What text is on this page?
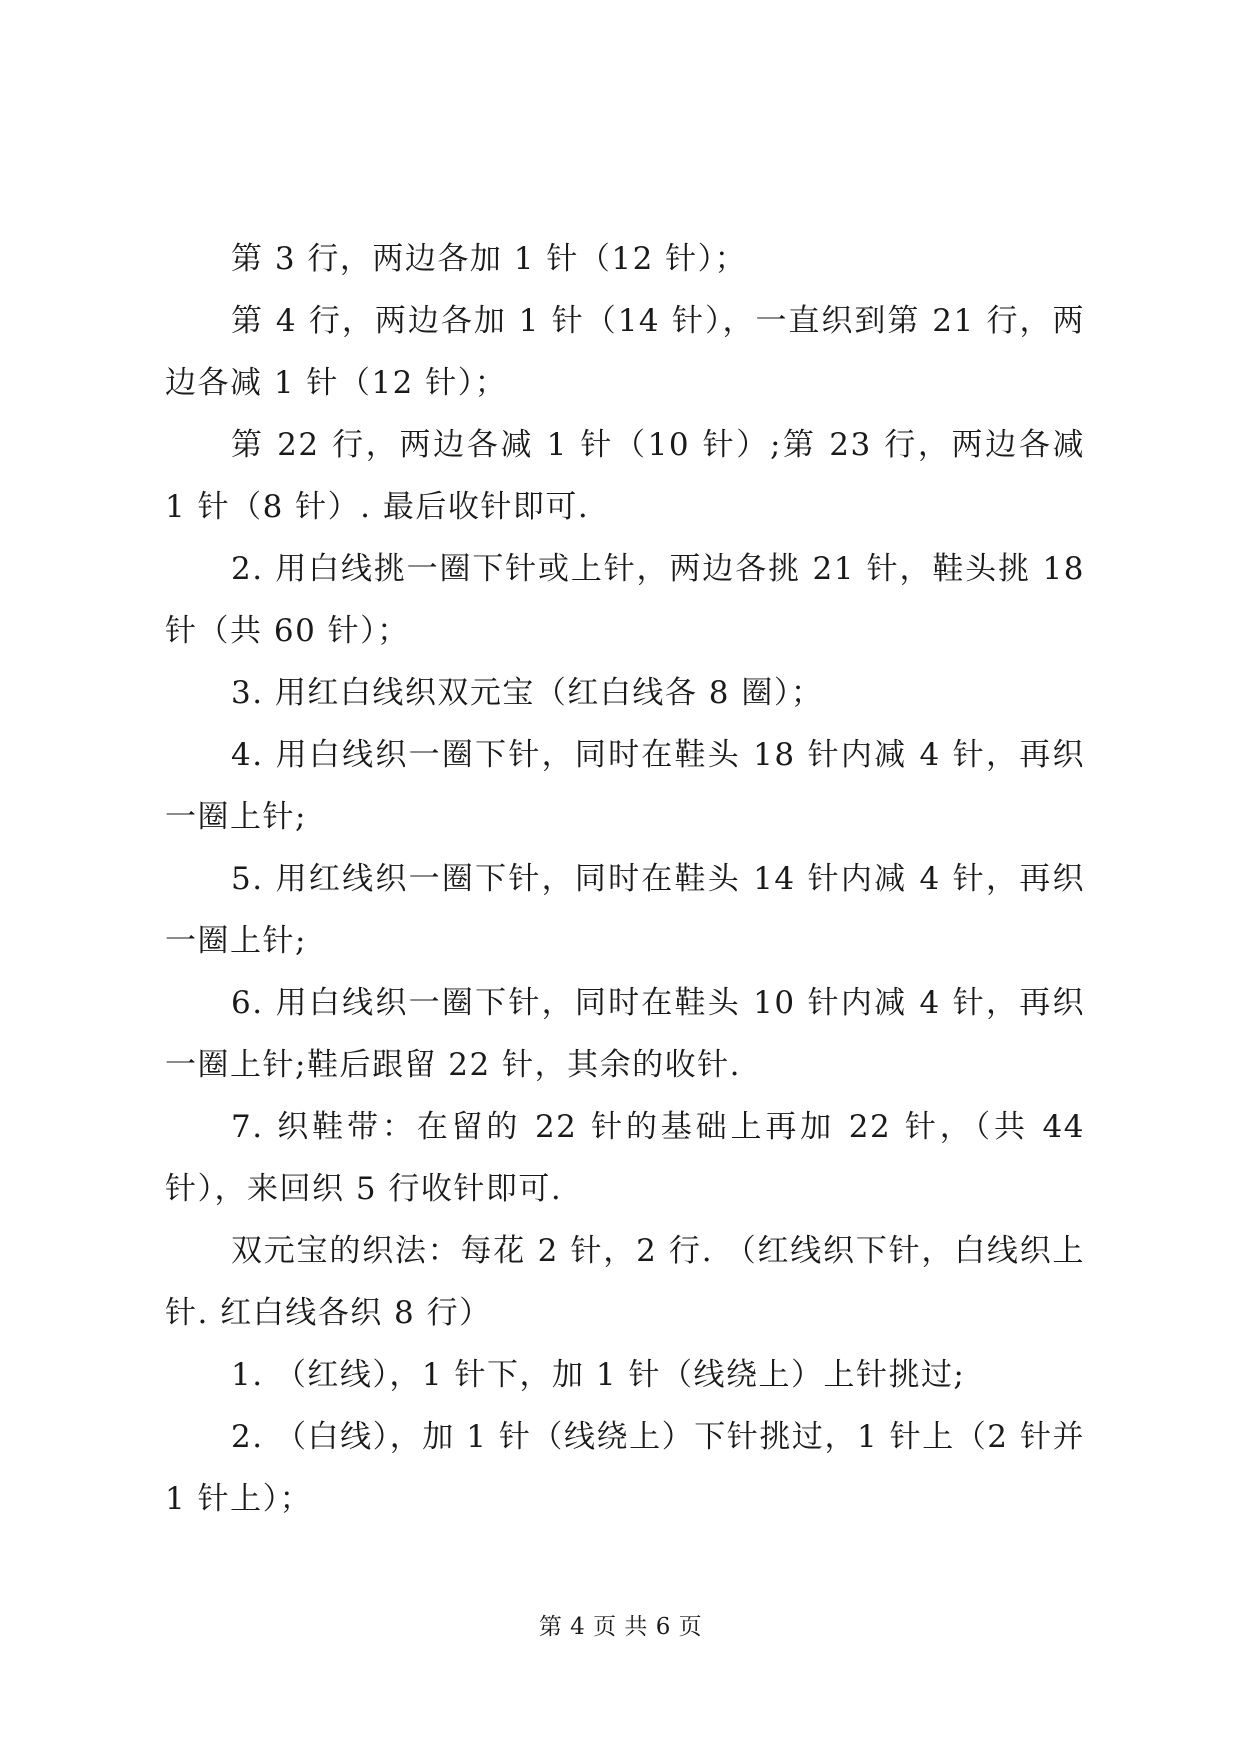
第 3 行，两边各加 1 针（12 针）；

第 4 行，两边各加 1 针（14 针），一直织到第 21 行，两边各减 1 针（12 针）；

第 22 行，两边各减 1 针（10 针）;第 23 行，两边各减 1 针（8 针）. 最后收针即可.

2. 用白线挑一圈下针或上针，两边各挑 21 针，鞋头挑 18 针（共 60 针）；

3. 用红白线织双元宝（红白线各 8 圈）；

4. 用白线织一圈下针，同时在鞋头 18 针内减 4 针，再织一圈上针;

5. 用红线织一圈下针，同时在鞋头 14 针内减 4 针，再织一圈上针;

6. 用白线织一圈下针，同时在鞋头 10 针内减 4 针，再织一圈上针;鞋后跟留 22 针，其余的收针.

7. 织鞋带：在留的 22 针的基础上再加 22 针，（共 44 针），来回织 5 行收针即可.

双元宝的织法：每花 2 针，2 行. （红线织下针，白线织上针. 红白线各织 8 行）

1. （红线），1 针下，加 1 针（线绕上）上针挑过;

2. （白线），加 1 针（线绕上）下针挑过，1 针上（2 针并 1 针上）；

第 4 页 共 6 页
